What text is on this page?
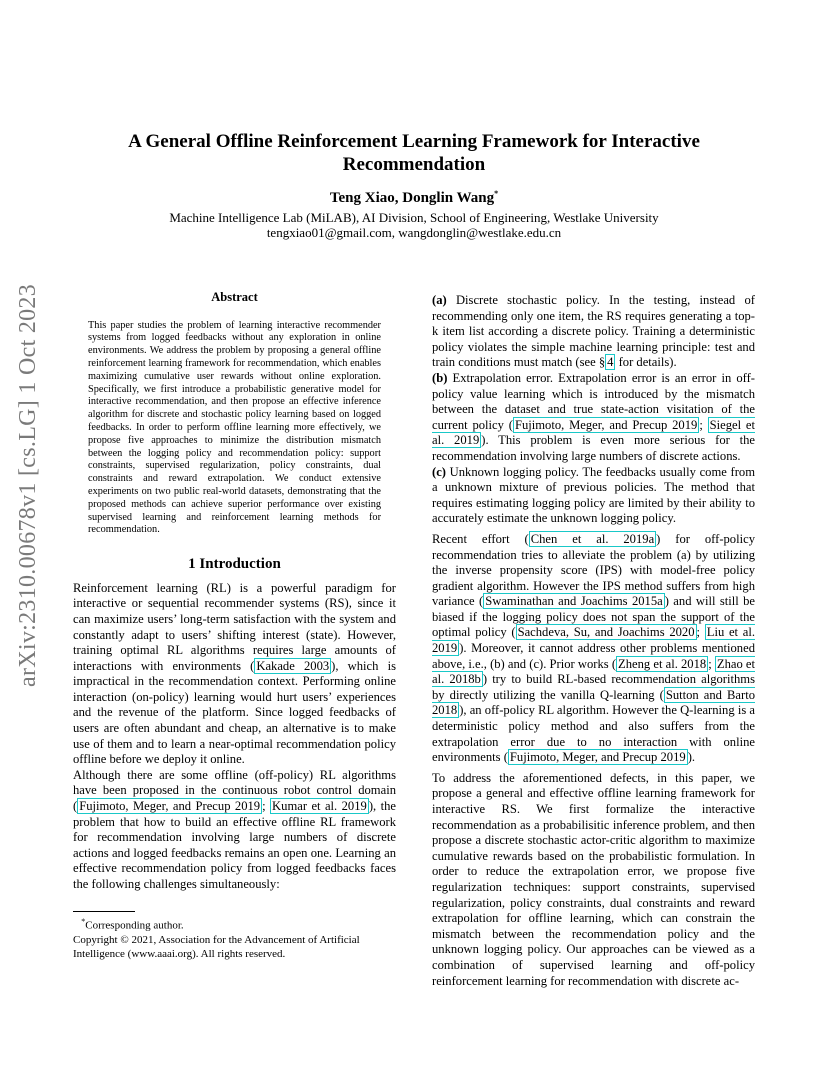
arXiv:2310.00678v1 [cs.LG] 1 Oct 2023
A General Offline Reinforcement Learning Framework for Interactive Recommendation
Teng Xiao, Donglin Wang*
Machine Intelligence Lab (MiLAB), AI Division, School of Engineering, Westlake University
tengxiao01@gmail.com, wangdonglin@westlake.edu.cn

Abstract

This paper studies the problem of learning interactive recommender systems from logged feedbacks without any exploration in online environments. We address the problem by proposing a general offline reinforcement learning framework for recommendation, which enables maximizing cumulative user rewards without online exploration. Specifically, we first introduce a probabilistic generative model for interactive recommendation, and then propose an effective inference algorithm for discrete and stochastic policy learning based on logged feedbacks. In order to perform offline learning more effectively, we propose five approaches to minimize the distribution mismatch between the logging policy and recommendation policy: support constraints, supervised regularization, policy constraints, dual constraints and reward extrapolation. We conduct extensive experiments on two public real-world datasets, demonstrating that the proposed methods can achieve superior performance over existing supervised learning and reinforcement learning methods for recommendation.

1 Introduction

Reinforcement learning (RL) is a powerful paradigm for interactive or sequential recommender systems (RS), since it can maximize users’ long-term satisfaction with the system and constantly adapt to users’ shifting interest (state). However, training optimal RL algorithms requires large amounts of interactions with environments ( Kakade 2003 ), which is impractical in the recommendation context. Performing online interaction (on-policy) learning would hurt users’ experiences and the revenue of the platform. Since logged feedbacks of users are often abundant and cheap, an alternative is to make use of them and to learn a near-optimal recommendation policy offline before we deploy it online.

Although there are some offline (off-policy) RL algorithms have been proposed in the continuous robot control domain ( Fujimoto, Meger, and Precup 2019 ; Kumar et al. 2019 ), the problem that how to build an effective offline RL framework for recommendation involving large numbers of discrete actions and logged feedbacks remains an open one. Learning an effective recommendation policy from logged feedbacks faces the following challenges simultaneously:

(a) Discrete stochastic policy. In the testing, instead of recommending only one item, the RS requires generating a top-k item list according a discrete policy. Training a deterministic policy violates the simple machine learning principle: test and train conditions must match (see § 4 for details).

(b) Extrapolation error. Extrapolation error is an error in off-policy value learning which is introduced by the mismatch between the dataset and true state-action visitation of the current policy ( Fujimoto, Meger, and Precup 2019 ; Siegel et al. 2019 ). This problem is even more serious for the recommendation involving large numbers of discrete actions.

(c) Unknown logging policy. The feedbacks usually come from a unknown mixture of previous policies. The method that requires estimating logging policy are limited by their ability to accurately estimate the unknown logging policy.

Recent effort ( Chen et al. 2019a ) for off-policy recommendation tries to alleviate the problem (a) by utilizing the inverse propensity score (IPS) with model-free policy gradient algorithm. However the IPS method suffers from high variance ( Swaminathan and Joachims 2015a ) and will still be biased if the logging policy does not span the support of the optimal policy ( Sachdeva, Su, and Joachims 2020 ; Liu et al. 2019 ). Moreover, it cannot address other problems mentioned above, i.e., (b) and (c). Prior works ( Zheng et al. 2018 ; Zhao et al. 2018b ) try to build RL-based recommendation algorithms by directly utilizing the vanilla Q-learning ( Sutton and Barto 2018 ), an off-policy RL algorithm. However the Q-learning is a deterministic policy method and also suffers from the extrapolation error due to no interaction with online environments ( Fujimoto, Meger, and Precup 2019 ).

To address the aforementioned defects, in this paper, we propose a general and effective offline learning framework for interactive RS. We first formalize the interactive recommendation as a probabilisitic inference problem, and then propose a discrete stochastic actor-critic algorithm to maximize cumulative rewards based on the probabilistic formulation. In order to reduce the extrapolation error, we propose five regularization techniques: support constraints, supervised regularization, policy constraints, dual constraints and reward extrapolation for offline learning, which can constrain the mismatch between the recommendation policy and the unknown logging policy. Our approaches can be viewed as a combination of supervised learning and off-policy reinforcement learning for recommendation with discrete ac-

*Corresponding author.
Copyright © 2021, Association for the Advancement of Artificial Intelligence (www.aaai.org). All rights reserved.
